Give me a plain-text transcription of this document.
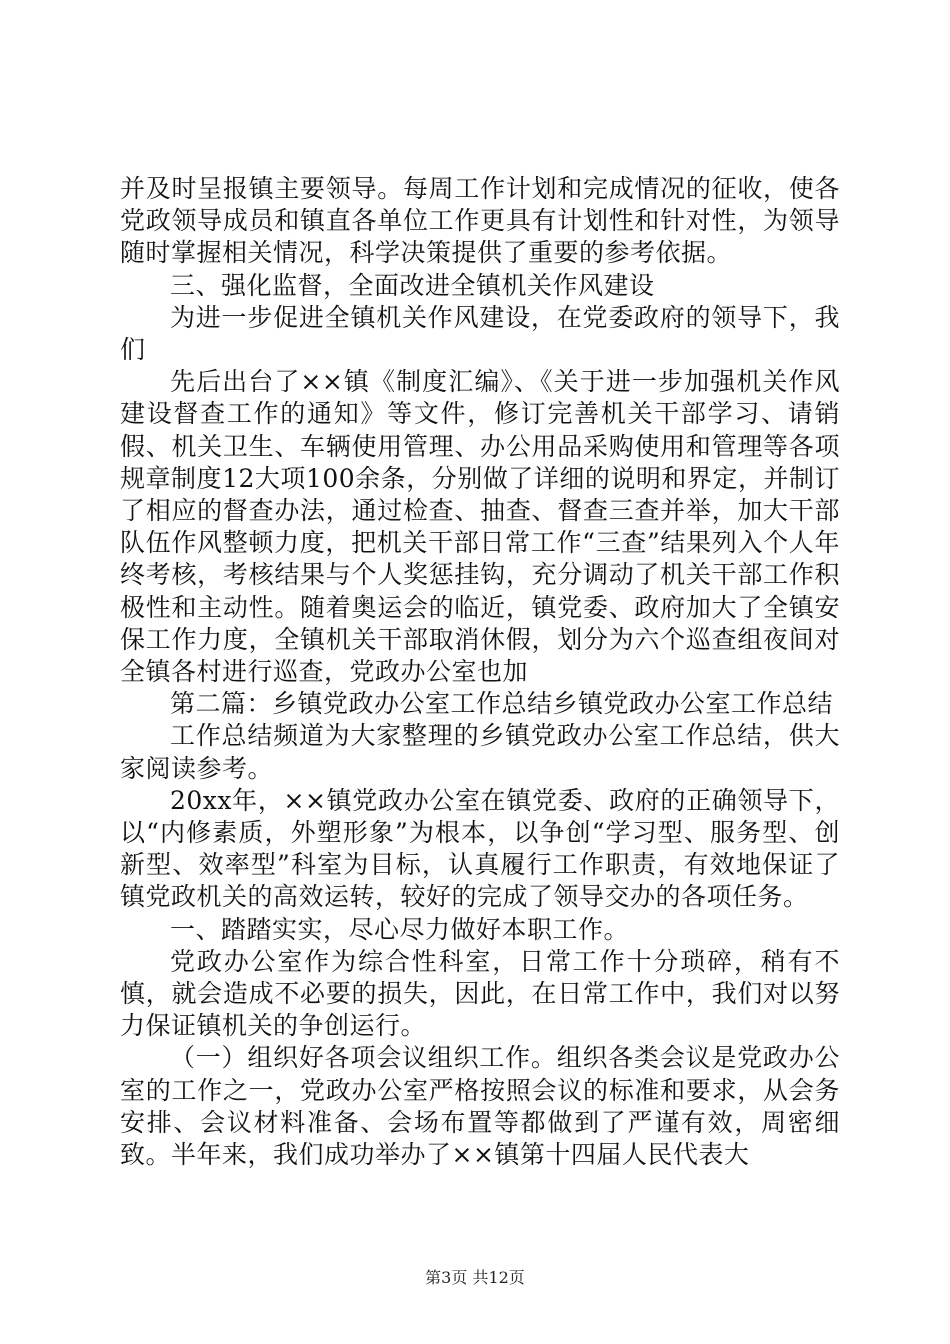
并及时呈报镇主要领导。每周工作计划和完成情况的征收，使各党政领导成员和镇直各单位工作更具有计划性和针对性，为领导随时掌握相关情况，科学决策提供了重要的参考依据。

三、强化监督，全面改进全镇机关作风建设

为进一步促进全镇机关作风建设，在党委政府的领导下，我们

先后出台了××镇《制度汇编》、《关于进一步加强机关作风建设督查工作的通知》等文件，修订完善机关干部学习、请销假、机关卫生、车辆使用管理、办公用品采购使用和管理等各项规章制度12大项100余条，分别做了详细的说明和界定，并制订了相应的督查办法，通过检查、抽查、督查三查并举，加大干部队伍作风整顿力度，把机关干部日常工作“三查”结果列入个人年终考核，考核结果与个人奖惩挂钩，充分调动了机关干部工作积极性和主动性。随着奥运会的临近，镇党委、政府加大了全镇安保工作力度，全镇机关干部取消休假，划分为六个巡查组夜间对全镇各村进行巡查，党政办公室也加

第二篇：乡镇党政办公室工作总结乡镇党政办公室工作总结

工作总结频道为大家整理的乡镇党政办公室工作总结，供大家阅读参考。

20xx年，××镇党政办公室在镇党委、政府的正确领导下，以“内修素质，外塑形象”为根本，以争创“学习型、服务型、创新型、效率型”科室为目标，认真履行工作职责，有效地保证了镇党政机关的高效运转，较好的完成了领导交办的各项任务。

一、踏踏实实，尽心尽力做好本职工作。

党政办公室作为综合性科室，日常工作十分琐碎，稍有不慎，就会造成不必要的损失，因此，在日常工作中，我们对以努力保证镇机关的争创运行。

（一）组织好各项会议组织工作。组织各类会议是党政办公室的工作之一，党政办公室严格按照会议的标准和要求，从会务安排、会议材料准备、会场布置等都做到了严谨有效，周密细致。半年来，我们成功举办了××镇第十四届人民代表大

第3页 共12页
